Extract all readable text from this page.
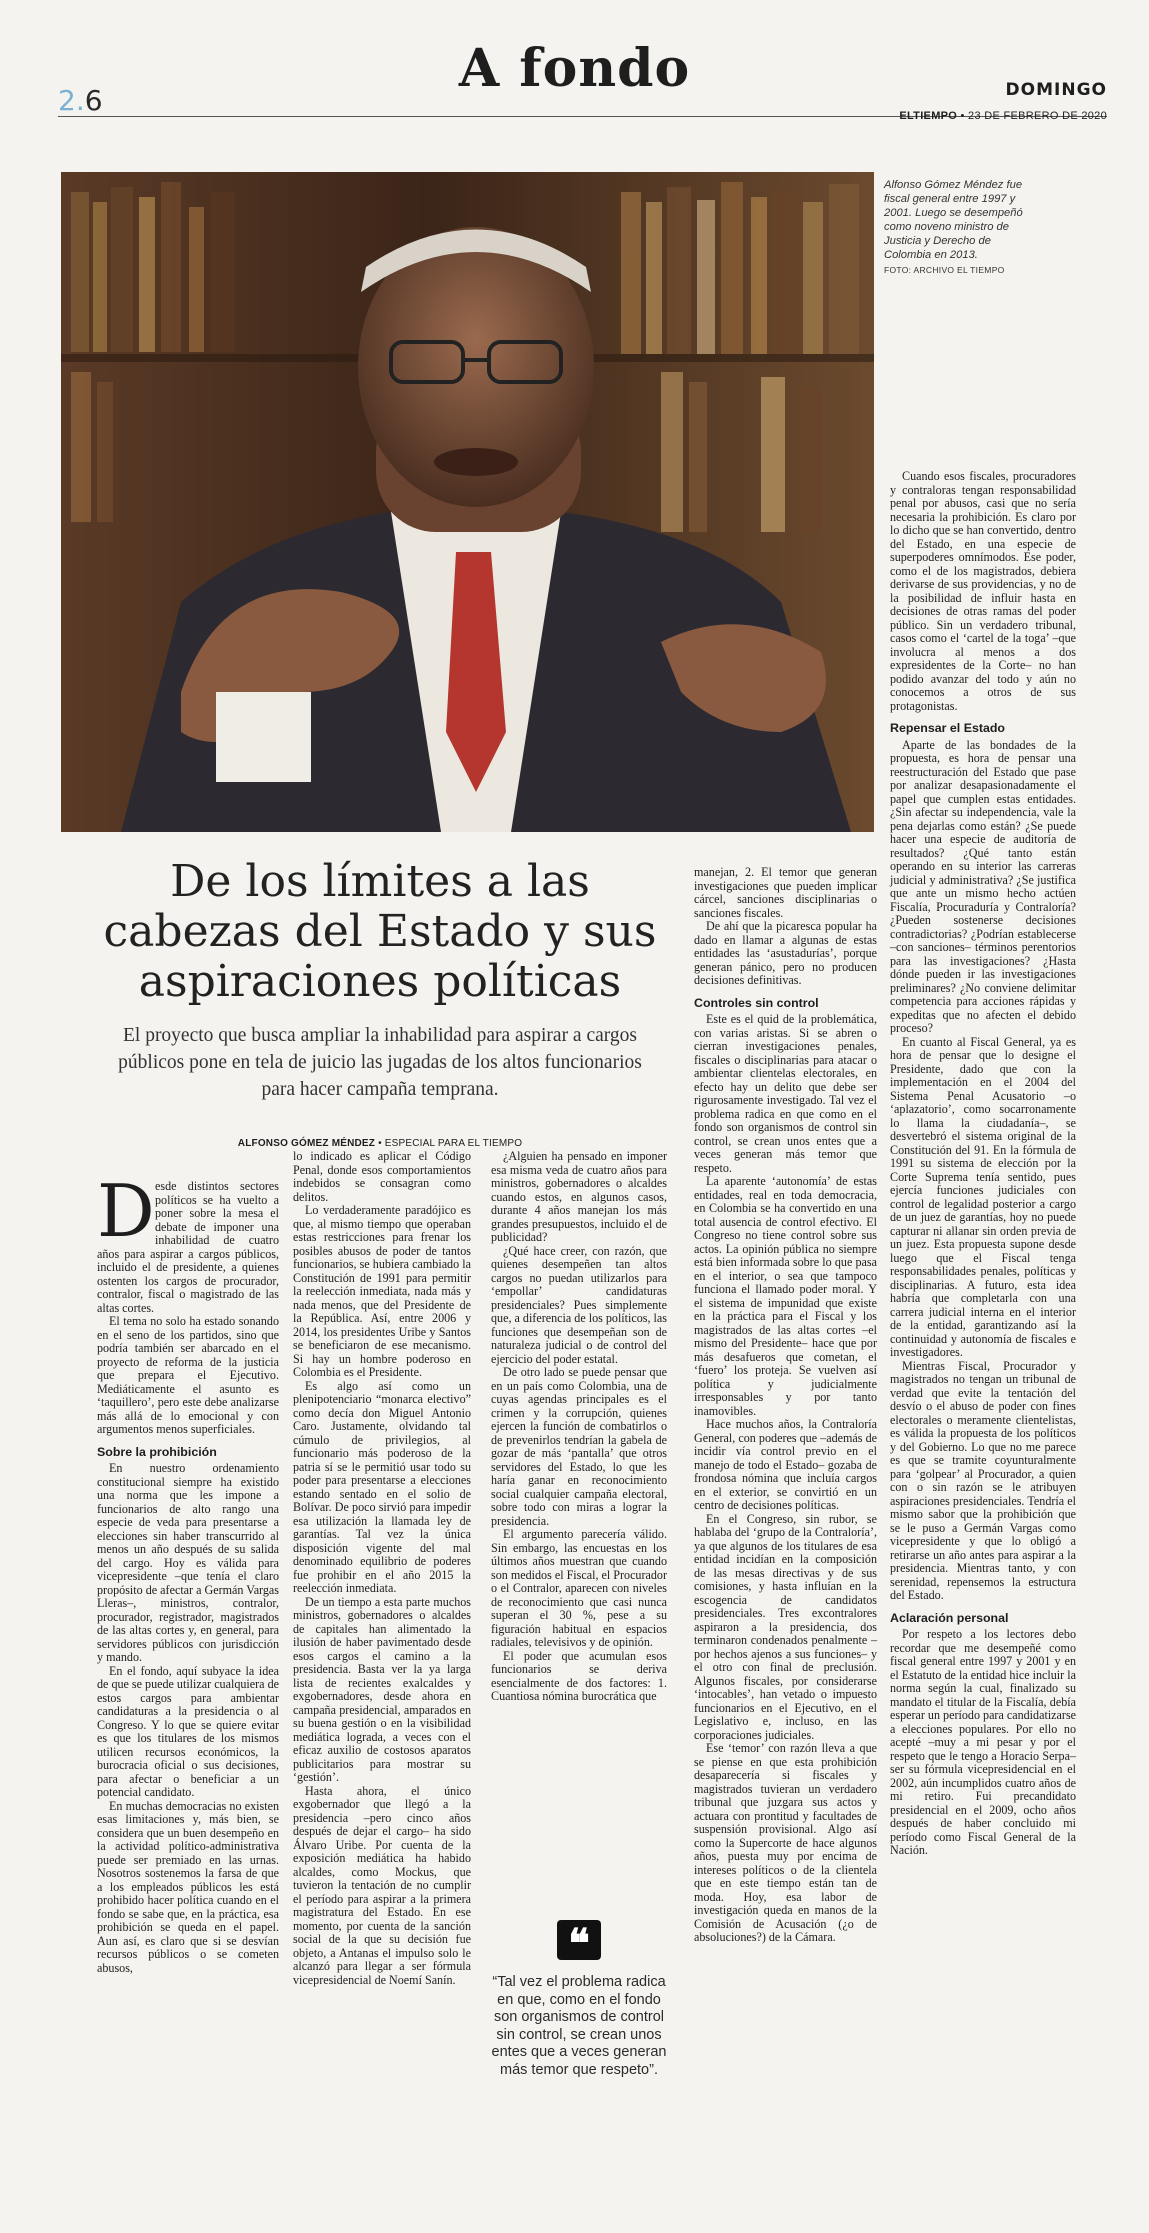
2.6
A fondo	DOMINGO
ELTIEMPO • 23 DE FEBRERO DE 2020
Alfonso Gómez Méndez fue fiscal general entre 1997 y 2001. Luego se desempeñó como noveno ministro de Justicia y Derecho de Colombia en 2013.
FOTO: ARCHIVO EL TIEMPO
De los límites a las cabezas del Estado y sus aspiraciones políticas
El proyecto que busca ampliar la inhabilidad para aspirar a cargos públicos pone en tela de juicio las jugadas de los altos funcionarios para hacer campaña temprana.
ALFONSO GÓMEZ MÉNDEZ • ESPECIAL PARA EL TIEMPO
D esde distintos sectores políticos se ha vuelto a poner sobre la mesa el debate de imponer una inhabilidad de cuatro años para aspirar a cargos públicos, incluido el de presidente, a quienes ostenten los cargos de procurador, contralor, fiscal o magistrado de las altas cortes.

El tema no solo ha estado sonando en el seno de los partidos, sino que podría también ser abarcado en el proyecto de reforma de la justicia que prepara el Ejecutivo. Mediáticamente el asunto es ‘taquillero’, pero este debe analizarse más allá de lo emocional y con argumentos menos superficiales.

Sobre la prohibición

En nuestro ordenamiento constitucional siempre ha existido una norma que les impone a funcionarios de alto rango una especie de veda para presentarse a elecciones sin haber transcurrido al menos un año después de su salida del cargo. Hoy es válida para vicepresidente –que tenía el claro propósito de afectar a Germán Vargas Lleras–, ministros, contralor, procurador, registrador, magistrados de las altas cortes y, en general, para servidores públicos con jurisdicción y mando.

En el fondo, aquí subyace la idea de que se puede utilizar cualquiera de estos cargos para ambientar candidaturas a la presidencia o al Congreso. Y lo que se quiere evitar es que los titulares de los mismos utilicen recursos económicos, la burocracia oficial o sus decisiones, para afectar o beneficiar a un potencial candidato.

En muchas democracias no existen esas limitaciones y, más bien, se considera que un buen desempeño en la actividad político-administrativa puede ser premiado en las urnas. Nosotros sostenemos la farsa de que a los empleados públicos les está prohibido hacer política cuando en el fondo se sabe que, en la práctica, esa prohibición se queda en el papel. Aun así, es claro que si se desvían recursos públicos o se cometen abusos,

lo indicado es aplicar el Código Penal, donde esos comportamientos indebidos se consagran como delitos.

Lo verdaderamente paradójico es que, al mismo tiempo que operaban estas restricciones para frenar los posibles abusos de poder de tantos funcionarios, se hubiera cambiado la Constitución de 1991 para permitir la reelección inmediata, nada más y nada menos, que del Presidente de la República. Así, entre 2006 y 2014, los presidentes Uribe y Santos se beneficiaron de ese mecanismo. Si hay un hombre poderoso en Colombia es el Presidente.

Es algo así como un plenipotenciario “monarca electivo” como decía don Miguel Antonio Caro. Justamente, olvidando tal cúmulo de privilegios, al funcionario más poderoso de la patria sí se le permitió usar todo su poder para presentarse a elecciones estando sentado en el solio de Bolívar. De poco sirvió para impedir esa utilización la llamada ley de garantías. Tal vez la única disposición vigente del mal denominado equilibrio de poderes fue prohibir en el año 2015 la reelección inmediata.

De un tiempo a esta parte muchos ministros, gobernadores o alcaldes de capitales han alimentado la ilusión de haber pavimentado desde esos cargos el camino a la presidencia. Basta ver la ya larga lista de recientes exalcaldes y exgobernadores, desde ahora en campaña presidencial, amparados en su buena gestión o en la visibilidad mediática lograda, a veces con el eficaz auxilio de costosos aparatos publicitarios para mostrar su ‘gestión’.

Hasta ahora, el único exgobernador que llegó a la presidencia –pero cinco años después de dejar el cargo– ha sido Álvaro Uribe. Por cuenta de la exposición mediática ha habido alcaldes, como Mockus, que tuvieron la tentación de no cumplir el período para aspirar a la primera magistratura del Estado. En ese momento, por cuenta de la sanción social de la que su decisión fue objeto, a Antanas el impulso solo le alcanzó para llegar a ser fórmula vicepresidencial de Noemí Sanín.

¿Alguien ha pensado en imponer esa misma veda de cuatro años para ministros, gobernadores o alcaldes cuando estos, en algunos casos, durante 4 años manejan los más grandes presupuestos, incluido el de publicidad?

¿Qué hace creer, con razón, que quienes desempeñen tan altos cargos no puedan utilizarlos para ‘empollar’ candidaturas presidenciales? Pues simplemente que, a diferencia de los políticos, las funciones que desempeñan son de naturaleza judicial o de control del ejercicio del poder estatal.

De otro lado se puede pensar que en un país como Colombia, una de cuyas agendas principales es el crimen y la corrupción, quienes ejercen la función de combatirlos o de prevenirlos tendrían la gabela de gozar de más ‘pantalla’ que otros servidores del Estado, lo que les haría ganar en reconocimiento social cualquier campaña electoral, sobre todo con miras a lograr la presidencia.

El argumento parecería válido. Sin embargo, las encuestas en los últimos años muestran que cuando son medidos el Fiscal, el Procurador o el Contralor, aparecen con niveles de reconocimiento que casi nunca superan el 30 %, pese a su figuración habitual en espacios radiales, televisivos y de opinión.

El poder que acumulan esos funcionarios se deriva esencialmente de dos factores: 1. Cuantiosa nómina burocrática que

❝
“Tal vez el problema radica en que, como en el fondo son organismos de control sin control, se crean unos entes que a veces generan más temor que respeto”.

manejan, 2. El temor que generan investigaciones que pueden implicar cárcel, sanciones disciplinarias o sanciones fiscales.

De ahí que la picaresca popular ha dado en llamar a algunas de estas entidades las ‘asustadurías’, porque generan pánico, pero no producen decisiones definitivas.

Controles sin control

Este es el quid de la problemática, con varias aristas. Si se abren o cierran investigaciones penales, fiscales o disciplinarias para atacar o ambientar clientelas electorales, en efecto hay un delito que debe ser rigurosamente investigado. Tal vez el problema radica en que como en el fondo son organismos de control sin control, se crean unos entes que a veces generan más temor que respeto.

La aparente ‘autonomía’ de estas entidades, real en toda democracia, en Colombia se ha convertido en una total ausencia de control efectivo. El Congreso no tiene control sobre sus actos. La opinión pública no siempre está bien informada sobre lo que pasa en el interior, o sea que tampoco funciona el llamado poder moral. Y el sistema de impunidad que existe en la práctica para el Fiscal y los magistrados de las altas cortes –el mismo del Presidente– hace que por más desafueros que cometan, el ‘fuero’ los proteja. Se vuelven así política y judicialmente irresponsables y por tanto inamovibles.

Hace muchos años, la Contraloría General, con poderes que –además de incidir vía control previo en el manejo de todo el Estado– gozaba de frondosa nómina que incluía cargos en el exterior, se convirtió en un centro de decisiones políticas.

En el Congreso, sin rubor, se hablaba del ‘grupo de la Contraloría’, ya que algunos de los titulares de esa entidad incidían en la composición de las mesas directivas y de sus comisiones, y hasta influían en la escogencia de candidatos presidenciales. Tres excontralores aspiraron a la presidencia, dos terminaron condenados penalmente –por hechos ajenos a sus funciones– y el otro con final de preclusión. Algunos fiscales, por considerarse ‘intocables’, han vetado o impuesto funcionarios en el Ejecutivo, en el Legislativo e, incluso, en las corporaciones judiciales.

Ese ‘temor’ con razón lleva a que se piense en que esta prohibición desaparecería si fiscales y magistrados tuvieran un verdadero tribunal que juzgara sus actos y actuara con prontitud y facultades de suspensión provisional. Algo así como la Supercorte de hace algunos años, puesta muy por encima de intereses políticos o de la clientela que en este tiempo están tan de moda. Hoy, esa labor de investigación queda en manos de la Comisión de Acusación (¿o de absoluciones?) de la Cámara.

Cuando esos fiscales, procuradores y contraloras tengan responsabilidad penal por abusos, casi que no sería necesaria la prohibición. Es claro por lo dicho que se han convertido, dentro del Estado, en una especie de superpoderes omnímodos. Ese poder, como el de los magistrados, debiera derivarse de sus providencias, y no de la posibilidad de influir hasta en decisiones de otras ramas del poder público. Sin un verdadero tribunal, casos como el ‘cartel de la toga’ –que involucra al menos a dos expresidentes de la Corte– no han podido avanzar del todo y aún no conocemos a otros de sus protagonistas.

Repensar el Estado

Aparte de las bondades de la propuesta, es hora de pensar una reestructuración del Estado que pase por analizar desapasionadamente el papel que cumplen estas entidades. ¿Sin afectar su independencia, vale la pena dejarlas como están? ¿Se puede hacer una especie de auditoría de resultados? ¿Qué tanto están operando en su interior las carreras judicial y administrativa? ¿Se justifica que ante un mismo hecho actúen Fiscalía, Procuraduría y Contraloría? ¿Pueden sostenerse decisiones contradictorias? ¿Podrían establecerse –con sanciones– términos perentorios para las investigaciones? ¿Hasta dónde pueden ir las investigaciones preliminares? ¿No conviene delimitar competencia para acciones rápidas y expeditas que no afecten el debido proceso?

En cuanto al Fiscal General, ya es hora de pensar que lo designe el Presidente, dado que con la implementación en el 2004 del Sistema Penal Acusatorio –o ‘aplazatorio’, como socarronamente lo llama la ciudadanía–, se desvertebró el sistema original de la Constitución del 91. En la fórmula de 1991 su sistema de elección por la Corte Suprema tenía sentido, pues ejercía funciones judiciales con control de legalidad posterior a cargo de un juez de garantías, hoy no puede capturar ni allanar sin orden previa de un juez. Esta propuesta supone desde luego que el Fiscal tenga responsabilidades penales, políticas y disciplinarias. A futuro, esta idea habría que completarla con una carrera judicial interna en el interior de la entidad, garantizando así la continuidad y autonomía de fiscales e investigadores.

Mientras Fiscal, Procurador y magistrados no tengan un tribunal de verdad que evite la tentación del desvío o el abuso de poder con fines electorales o meramente clientelistas, es válida la propuesta de los políticos y del Gobierno. Lo que no me parece es que se tramite coyunturalmente para ‘golpear’ al Procurador, a quien con o sin razón se le atribuyen aspiraciones presidenciales. Tendría el mismo sabor que la prohibición que se le puso a Germán Vargas como vicepresidente y que lo obligó a retirarse un año antes para aspirar a la presidencia. Mientras tanto, y con serenidad, repensemos la estructura del Estado.

Aclaración personal

Por respeto a los lectores debo recordar que me desempeñé como fiscal general entre 1997 y 2001 y en el Estatuto de la entidad hice incluir la norma según la cual, finalizado su mandato el titular de la Fiscalía, debía esperar un período para candidatizarse a elecciones populares. Por ello no acepté –muy a mi pesar y por el respeto que le tengo a Horacio Serpa– ser su fórmula vicepresidencial en el 2002, aún incumplidos cuatro años de mi retiro. Fui precandidato presidencial en el 2009, ocho años después de haber concluido mi período como Fiscal General de la Nación.
